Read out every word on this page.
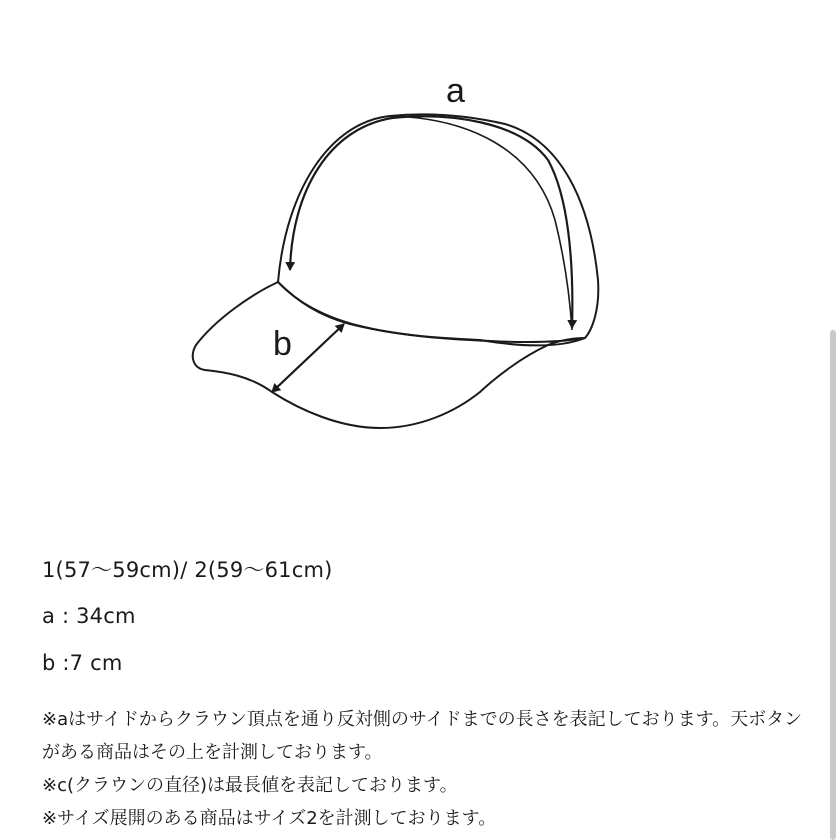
a
b
1(57〜59cm)/ 2(59〜61cm)
a : 34cm
b :7 cm

※aはサイドからクラウン頂点を通り反対側のサイドまでの長さを表記しております。天ボタンがある商品はその上を計測しております。

※c(クラウンの直径)は最長値を表記しております。

※サイズ展開のある商品はサイズ2を計測しております。
